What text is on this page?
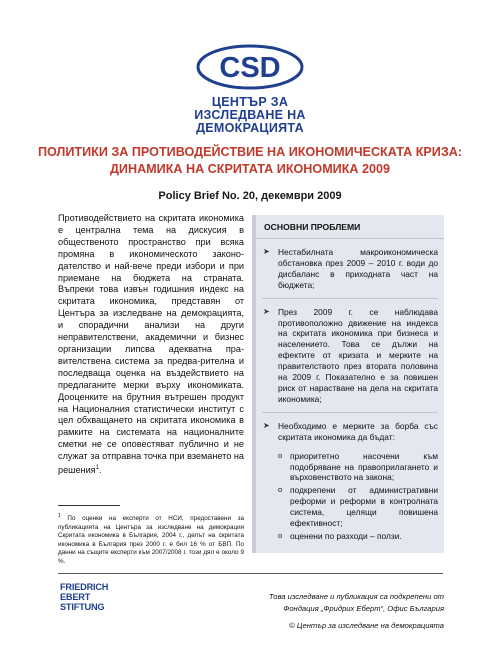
CSD
ЦЕНТЪР ЗА
ИЗСЛЕДВАНЕ НА
ДЕМОКРАЦИЯТА
ПОЛИТИКИ ЗА ПРОТИВОДЕЙСТВИЕ НА ИКОНОМИЧЕСКАТА КРИЗА:
ДИНАМИКА НА СКРИТАТА ИКОНОМИКА 2009
Policy Brief No. 20, декември 2009
Противодействието на скритата икономика е централна тема на дискусия в общественото пространство при всяка промяна в икономическото законо-дателство и най-вече преди избори и при приемане на бюджета на страната. Въпреки това извън годишния индекс на скритата икономика, представян от Центъра за изследване на демокрацията, и спорадични анализи на други неправителствени, академични и бизнес организации липсва адекватна пра-вителствена система за предва-рителна и последваща оценка на въздействието на предлаганите мерки върху икономиката. Дооценките на брутния вътрешен продукт на Националния статистически институт с цел обхващането на скритата икономика в рамките на системата на националните сметки не се оповестяват публично и не служат за отправна точка при вземането на решения$^1$.
$^1$ По оценки на експерти от НСИ, предоставени за публикацията на Центъра за изследване на демокрация Скритата икономика в България, 2004 г., делът на скритата икономика в България през 2000 г. е бил 16 % от БВП. По данни на същите експерти към 2007/2008 г. този дял е около 9 %.
ОСНОВНИ ПРОБЛЕМИ
➤ Нестабилната макроикономическа обстановка през 2009 – 2010 г. води до дисбаланс в приходната част на бюджета;
➤ През 2009 г. се наблюдава противоположно движение на индекса на скритата икономика при бизнеса и населението. Това се дължи на ефектите от кризата и мерките на правителството през втората половина на 2009 г. Показателно е за повишен риск от нарастване на дела на скритата икономика;
➤ Необходимо е мерките за борба със скритата икономика да бъдат:
o приоритетно насочени към подобряване на правоприлагането и върховенството на закона;
o подкрепени от административни реформи и реформи в контролната система, целящи повишена ефективност;
o оценени по разходи – ползи.
FRIEDRICH
EBERT
STIFTUNG
Това изследване и публикация са подкрепени от
Фондация „Фридрих Еберт“, Офис България
© Център за изследване на демокрацията
